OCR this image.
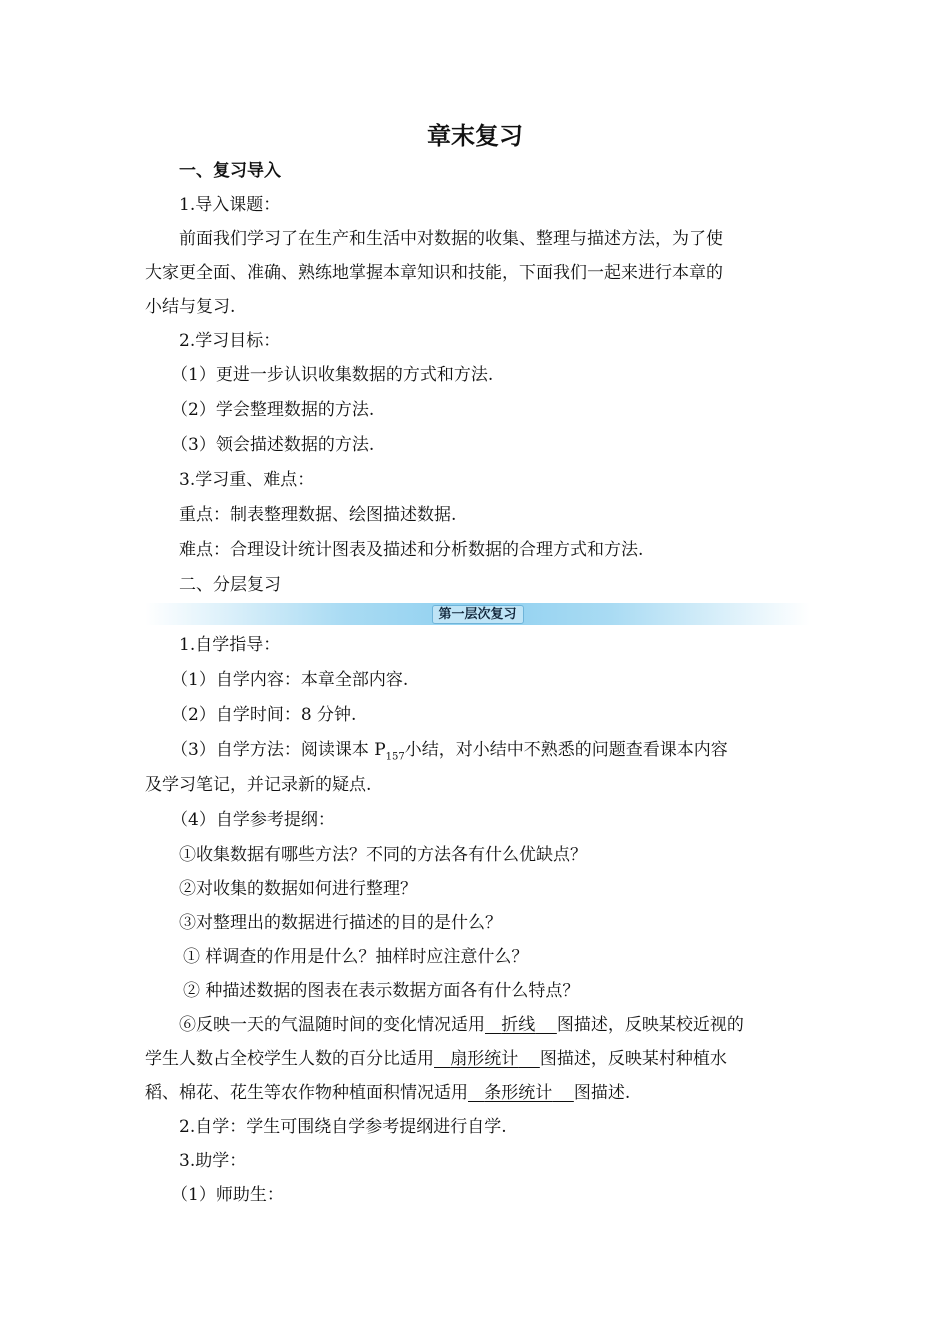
章末复习
一、复习导入
1.导入课题：
前面我们学习了在生产和生活中对数据的收集、整理与描述方法，为了使
大家更全面、准确、熟练地掌握本章知识和技能，下面我们一起来进行本章的
小结与复习.
2.学习目标：
（1）更进一步认识收集数据的方式和方法.
（2）学会整理数据的方法.
（3）领会描述数据的方法.
3.学习重、难点：
重点：制表整理数据、绘图描述数据.
难点：合理设计统计图表及描述和分析数据的合理方式和方法.
二、分层复习
第一层次复习
1.自学指导：
（1）自学内容：本章全部内容.
（2）自学时间：8 分钟.
（3）自学方法：阅读课本 $P_{157}$小结，对小结中不熟悉的问题查看课本内容
及学习笔记，并记录新的疑点.
（4）自学参考提纲：
①收集数据有哪些方法？不同的方法各有什么优缺点？
②对收集的数据如何进行整理？
③对整理出的数据进行描述的目的是什么？
① 样调查的作用是什么？抽样时应注意什么？
② 种描述数据的图表在表示数据方面各有什么特点？
⑥反映一天的气温随时间的变化情况适用 折线 图描述，反映某校近视的
学生人数占全校学生人数的百分比适用 扇形统计 图描述，反映某村种植水
稻、棉花、花生等农作物种植面积情况适用 条形统计 图描述.
2.自学：学生可围绕自学参考提纲进行自学.
3.助学：
（1）师助生：
